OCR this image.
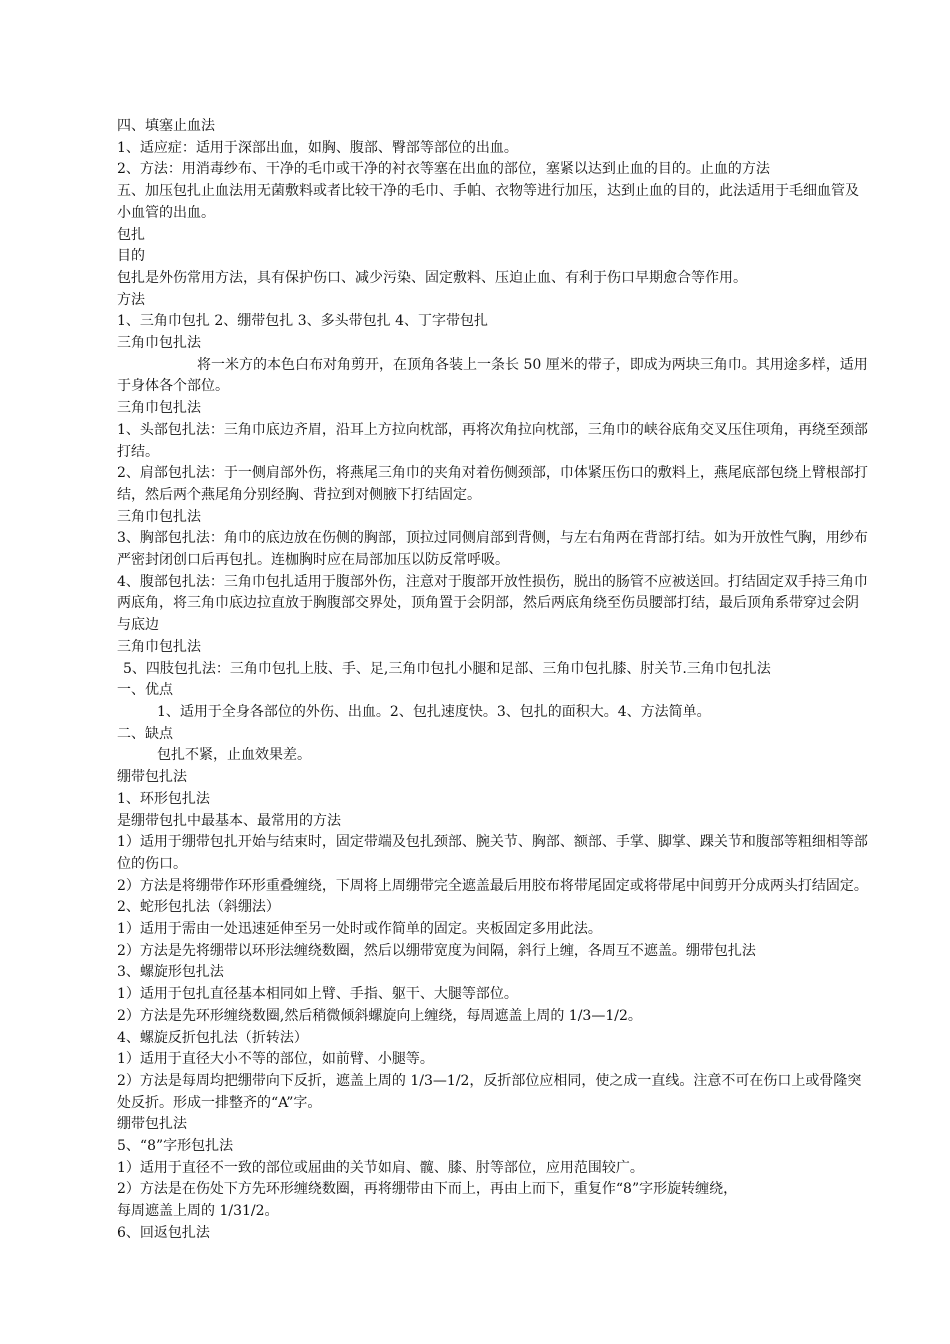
四、填塞止血法

1、适应症：适用于深部出血，如胸、腹部、臀部等部位的出血。

2、方法：用消毒纱布、干净的毛巾或干净的衬衣等塞在出血的部位，塞紧以达到止血的目的。止血的方法

五、加压包扎止血法用无菌敷料或者比较干净的毛巾、手帕、衣物等进行加压，达到止血的目的，此法适用于毛细血管及小血管的出血。

包扎

目的

包扎是外伤常用方法，具有保护伤口、减少污染、固定敷料、压迫止血、有利于伤口早期愈合等作用。

方法

1、三角巾包扎 2、绷带包扎 3、多头带包扎 4、丁字带包扎

三角巾包扎法

将一米方的本色白布对角剪开，在顶角各装上一条长 50 厘米的带子，即成为两块三角巾。其用途多样，适用于身体各个部位。

三角巾包扎法

1、头部包扎法：三角巾底边齐眉，沿耳上方拉向枕部，再将次角拉向枕部，三角巾的峡谷底角交叉压住项角，再绕至颈部打结。

2、肩部包扎法：于一侧肩部外伤，将燕尾三角巾的夹角对着伤侧颈部，巾体紧压伤口的敷料上，燕尾底部包绕上臂根部打结，然后两个燕尾角分别经胸、背拉到对侧腋下打结固定。

三角巾包扎法

3、胸部包扎法：角巾的底边放在伤侧的胸部，顶拉过同侧肩部到背侧，与左右角两在背部打结。如为开放性气胸，用纱布严密封闭创口后再包扎。连枷胸时应在局部加压以防反常呼吸。

4、腹部包扎法：三角巾包扎适用于腹部外伤，注意对于腹部开放性损伤，脱出的肠管不应被送回。打结固定双手持三角巾两底角，将三角巾底边拉直放于胸腹部交界处，顶角置于会阴部，然后两底角绕至伤员腰部打结，最后顶角系带穿过会阴与底边

三角巾包扎法

5、四肢包扎法：三角巾包扎上肢、手、足,三角巾包扎小腿和足部、三角巾包扎膝、肘关节.三角巾包扎法

一、优点

1、适用于全身各部位的外伤、出血。2、包扎速度快。3、包扎的面积大。4、方法简单。

二、缺点

包扎不紧，止血效果差。

绷带包扎法

1、环形包扎法

是绷带包扎中最基本、最常用的方法

1）适用于绷带包扎开始与结束时，固定带端及包扎颈部、腕关节、胸部、额部、手掌、脚掌、踝关节和腹部等粗细相等部位的伤口。

2）方法是将绷带作环形重叠缠绕，下周将上周绷带完全遮盖最后用胶布将带尾固定或将带尾中间剪开分成两头打结固定。

2、蛇形包扎法（斜绷法）

1）适用于需由一处迅速延伸至另一处时或作简单的固定。夹板固定多用此法。

2）方法是先将绷带以环形法缠绕数圈，然后以绷带宽度为间隔，斜行上缠，各周互不遮盖。绷带包扎法

3、螺旋形包扎法

1）适用于包扎直径基本相同如上臂、手指、躯干、大腿等部位。

2）方法是先环形缠绕数圈,然后稍微倾斜螺旋向上缠绕，每周遮盖上周的 1/3—1/2。

4、螺旋反折包扎法（折转法）

1）适用于直径大小不等的部位，如前臂、小腿等。

2）方法是每周均把绷带向下反折，遮盖上周的 1/3—1/2，反折部位应相同，使之成一直线。注意不可在伤口上或骨隆突处反折。形成一排整齐的“A”字。

绷带包扎法

5、“8”字形包扎法

1）适用于直径不一致的部位或屈曲的关节如肩、髋、膝、肘等部位，应用范围较广。

2）方法是在伤处下方先环形缠绕数圈，再将绷带由下而上，再由上而下，重复作“8”字形旋转缠绕，

每周遮盖上周的 1/31/2。

6、回返包扎法
